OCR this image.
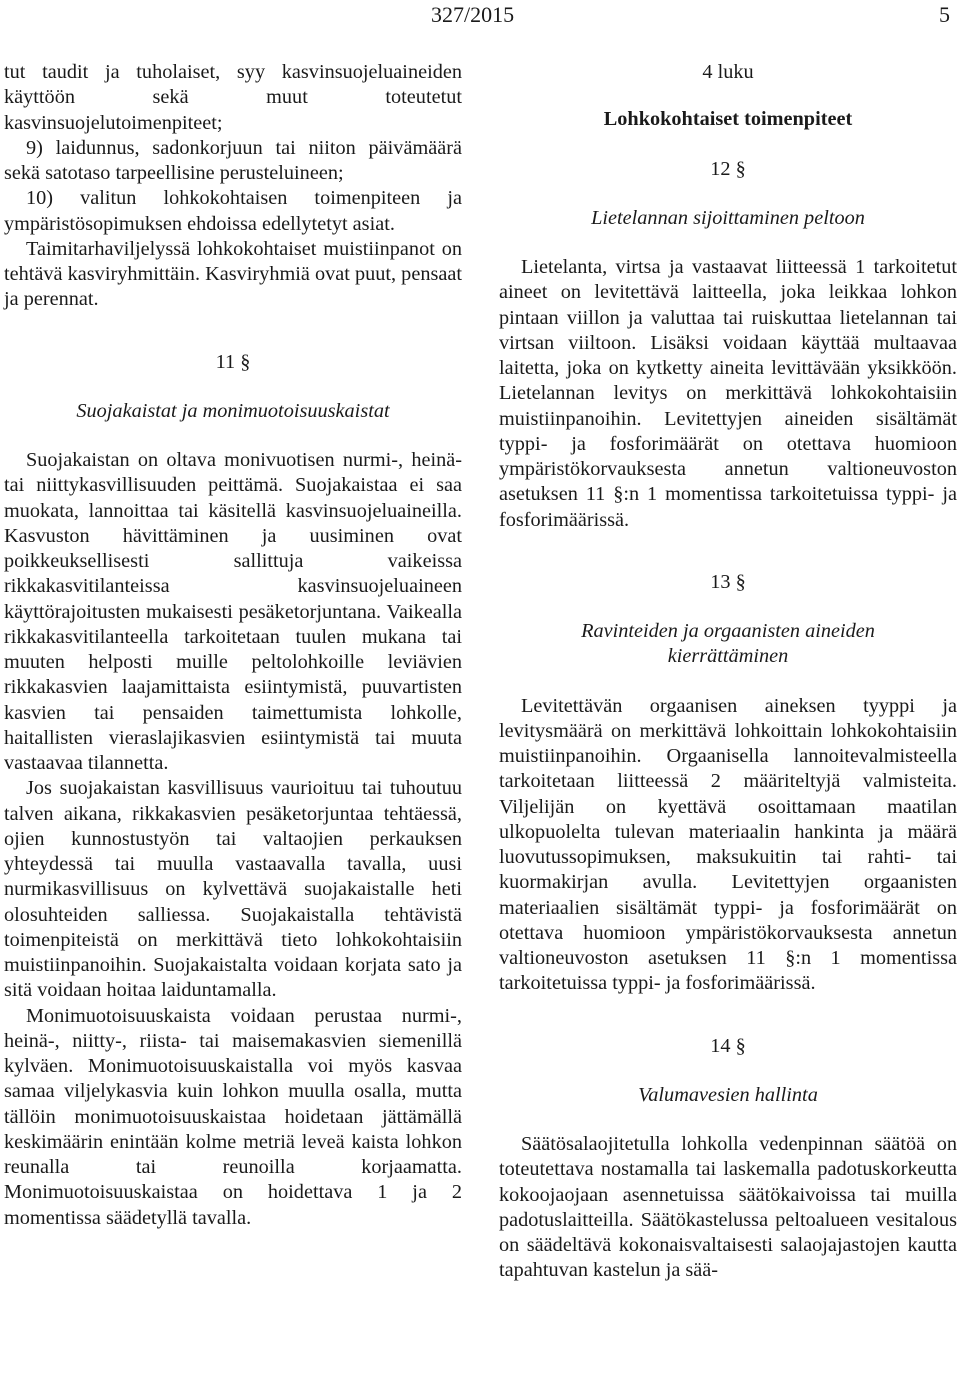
327/2015	5

tut taudit ja tuholaiset, syy kasvinsuojeluaineiden käyttöön sekä muut toteutetut kasvinsuojelutoimenpiteet;

9) laidunnus, sadonkorjuun tai niiton päivämäärä sekä satotaso tarpeellisine perusteluineen;

10) valitun lohkokohtaisen toimenpiteen ja ympäristösopimuksen ehdoissa edellytetyt asiat.

Taimitarhaviljelyssä lohkokohtaiset muistiinpanot on tehtävä kasviryhmittäin. Kasviryhmiä ovat puut, pensaat ja perennat.

11 §

Suojakaistat ja monimuotoisuuskaistat

Suojakaistan on oltava monivuotisen nurmi-, heinä- tai niittykasvillisuuden peittämä. Suojakaistaa ei saa muokata, lannoittaa tai käsitellä kasvinsuojeluaineilla. Kasvuston hävittäminen ja uusiminen ovat poikkeuksellisesti sallittuja vaikeissa rikkakasvitilanteissa kasvinsuojeluaineen käyttörajoitusten mukaisesti pesäketorjuntana. Vaikealla rikkakasvitilanteella tarkoitetaan tuulen mukana tai muuten helposti muille peltolohkoille leviävien rikkakasvien laajamittaista esiintymistä, puuvartisten kasvien tai pensaiden taimettumista lohkolle, haitallisten vieraslajikasvien esiintymistä tai muuta vastaavaa tilannetta.

Jos suojakaistan kasvillisuus vaurioituu tai tuhoutuu talven aikana, rikkakasvien pesäketorjuntaa tehtäessä, ojien kunnostustyön tai valtaojien perkauksen yhteydessä tai muulla vastaavalla tavalla, uusi nurmikasvillisuus on kylvettävä suojakaistalle heti olosuhteiden salliessa. Suojakaistalla tehtävistä toimenpiteistä on merkittävä tieto lohkokohtaisiin muistiinpanoihin. Suojakaistalta voidaan korjata sato ja sitä voidaan hoitaa laiduntamalla.

Monimuotoisuuskaista voidaan perustaa nurmi-, heinä-, niitty-, riista- tai maisemakasvien siemenillä kylväen. Monimuotoisuuskaistalla voi myös kasvaa samaa viljelykasvia kuin lohkon muulla osalla, mutta tällöin monimuotoisuuskaistaa hoidetaan jättämällä keskimäärin enintään kolme metriä leveä kaista lohkon reunalla tai reunoilla korjaamatta. Monimuotoisuuskaistaa on hoidettava 1 ja 2 momentissa säädetyllä tavalla.

4 luku

Lohkokohtaiset toimenpiteet

12 §

Lietelannan sijoittaminen peltoon

Lietelanta, virtsa ja vastaavat liitteessä 1 tarkoitetut aineet on levitettävä laitteella, joka leikkaa lohkon pintaan viillon ja valuttaa tai ruiskuttaa lietelannan tai virtsan viiltoon. Lisäksi voidaan käyttää multaavaa laitetta, joka on kytketty aineita levittävään yksikköön. Lietelannan levitys on merkittävä lohkokohtaisiin muistiinpanoihin. Levitettyjen aineiden sisältämät typpi- ja fosforimäärät on otettava huomioon ympäristökorvauksesta annetun valtioneuvoston asetuksen 11 §:n 1 momentissa tarkoitetuissa typpi- ja fosforimäärissä.

13 §

Ravinteiden ja orgaanisten aineiden

kierrättäminen

Levitettävän orgaanisen aineksen tyyppi ja levitysmäärä on merkittävä lohkoittain lohkokohtaisiin muistiinpanoihin. Orgaanisella lannoitevalmisteella tarkoitetaan liitteessä 2 määriteltyjä valmisteita. Viljelijän on kyettävä osoittamaan maatilan ulkopuolelta tulevan materiaalin hankinta ja määrä luovutussopimuksen, maksukuitin tai rahti- tai kuormakirjan avulla. Levitettyjen orgaanisten materiaalien sisältämät typpi- ja fosforimäärät on otettava huomioon ympäristökorvauksesta annetun valtioneuvoston asetuksen 11 §:n 1 momentissa tarkoitetuissa typpi- ja fosforimäärissä.

14 §

Valumavesien hallinta

Säätösalaojitetulla lohkolla vedenpinnan säätöä on toteutettava nostamalla tai laskemalla padotuskorkeutta kokoojaojaan asennetuissa säätökaivoissa tai muilla padotuslaitteilla. Säätökastelussa peltoalueen vesitalous on säädeltävä kokonaisvaltaisesti salaojajastojen kautta tapahtuvan kastelun ja sää-
